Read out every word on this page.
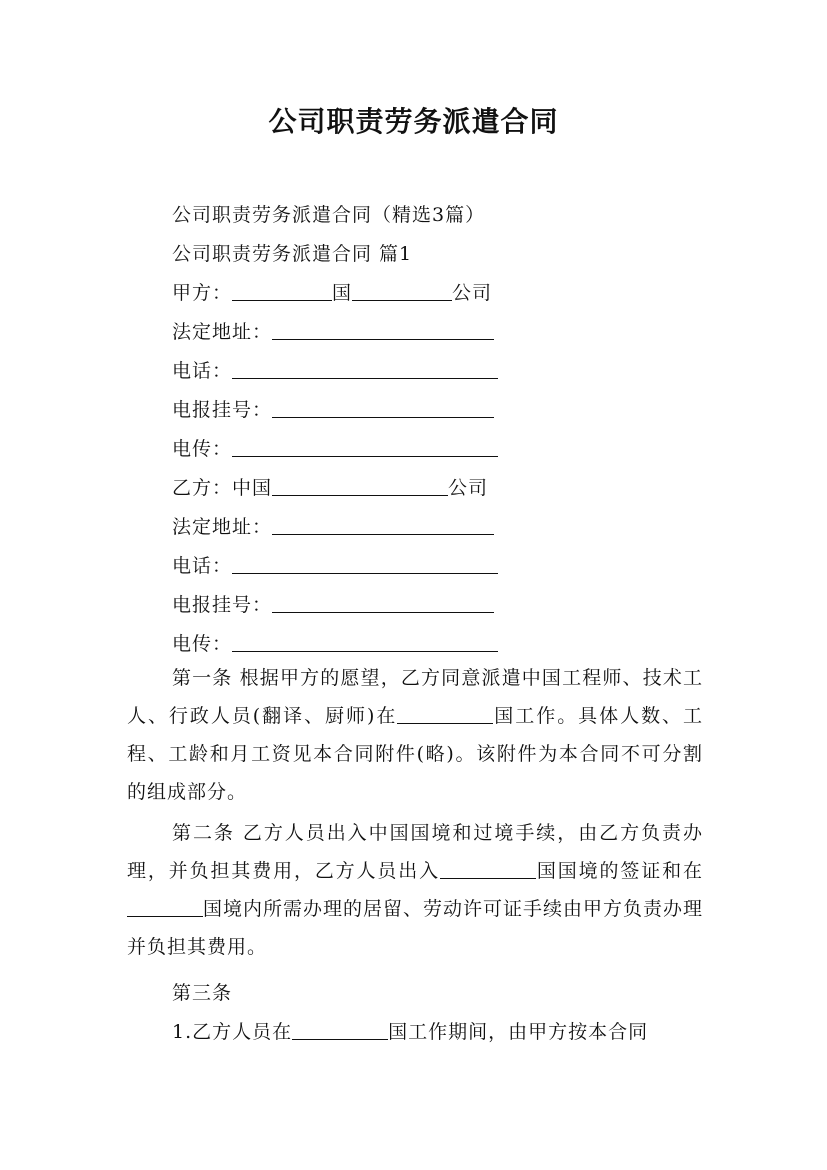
公司职责劳务派遣合同
公司职责劳务派遣合同（精选3篇）
公司职责劳务派遣合同 篇1
甲方：	国	公司
法定地址：
电话：
电报挂号：
电传：
乙方：中国	公司
法定地址：
电话：
电报挂号：
电传：
第一条 根据甲方的愿望，乙方同意派遣中国工程师、技术工人、行政人员(翻译、厨师)在	国工作。具体人数、工程、工龄和月工资见本合同附件(略)。该附件为本合同不可分割的组成部分。
第二条 乙方人员出入中国国境和过境手续，由乙方负责办理，并负担其费用，乙方人员出入	国国境的签证和在国境内所需办理的居留、劳动许可证手续由甲方负责办理并负担其费用。
第三条
1.乙方人员在	国工作期间，由甲方按本合同
